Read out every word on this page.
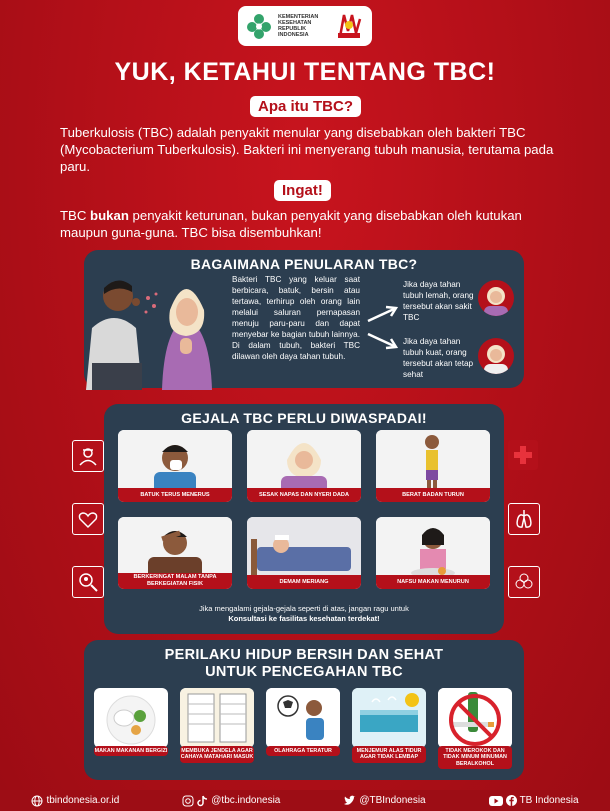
KEMENTERIAN KESEHATAN REPUBLIK INDONESIA
YUK, KETAHUI TENTANG TBC!
Apa itu TBC?
Tuberkulosis (TBC) adalah penyakit menular yang disebabkan oleh bakteri TBC (Mycobacterium Tuberkulosis). Bakteri ini menyerang tubuh manusia, terutama pada paru.
Ingat!
TBC bukan penyakit keturunan, bukan penyakit yang disebabkan oleh kutukan maupun guna-guna. TBC bisa disembuhkan!
BAGAIMANA PENULARAN TBC?
Bakteri TBC yang keluar saat berbicara, batuk, bersin atau tertawa, terhirup oleh orang lain melalui saluran pernapasan menuju paru-paru dan dapat menyebar ke bagian tubuh lainnya. Di dalam tubuh, bakteri TBC dilawan oleh daya tahan tubuh.
Jika daya tahan tubuh lemah, orang tersebut akan sakit TBC
Jika daya tahan tubuh kuat, orang tersebut akan tetap sehat
GEJALA TBC PERLU DIWASPADAI!
BATUK TERUS MENERUS	SESAK NAPAS DAN NYERI DADA	BERAT BADAN TURUN
BERKERINGAT MALAM TANPA BERKEGIATAN FISIK	DEMAM MERIANG	NAFSU MAKAN MENURUN
Jika mengalami gejala-gejala seperti di atas, jangan ragu untuk
Konsultasi ke fasilitas kesehatan terdekat!
PERILAKU HIDUP BERSIH DAN SEHAT
UNTUK PENCEGAHAN TBC
MAKAN MAKANAN BERGIZI	MEMBUKA JENDELA AGAR CAHAYA MATAHARI MASUK
OLAHRAGA TERATUR	MENJEMUR ALAS TIDUR AGAR TIDAK LEMBAP
TIDAK MEROKOK DAN TIDAK MINUM MINUMAN BERALKOHOL
tbindonesia.or.id	@tbc.indonesia	@TBIndonesia	TB Indonesia
